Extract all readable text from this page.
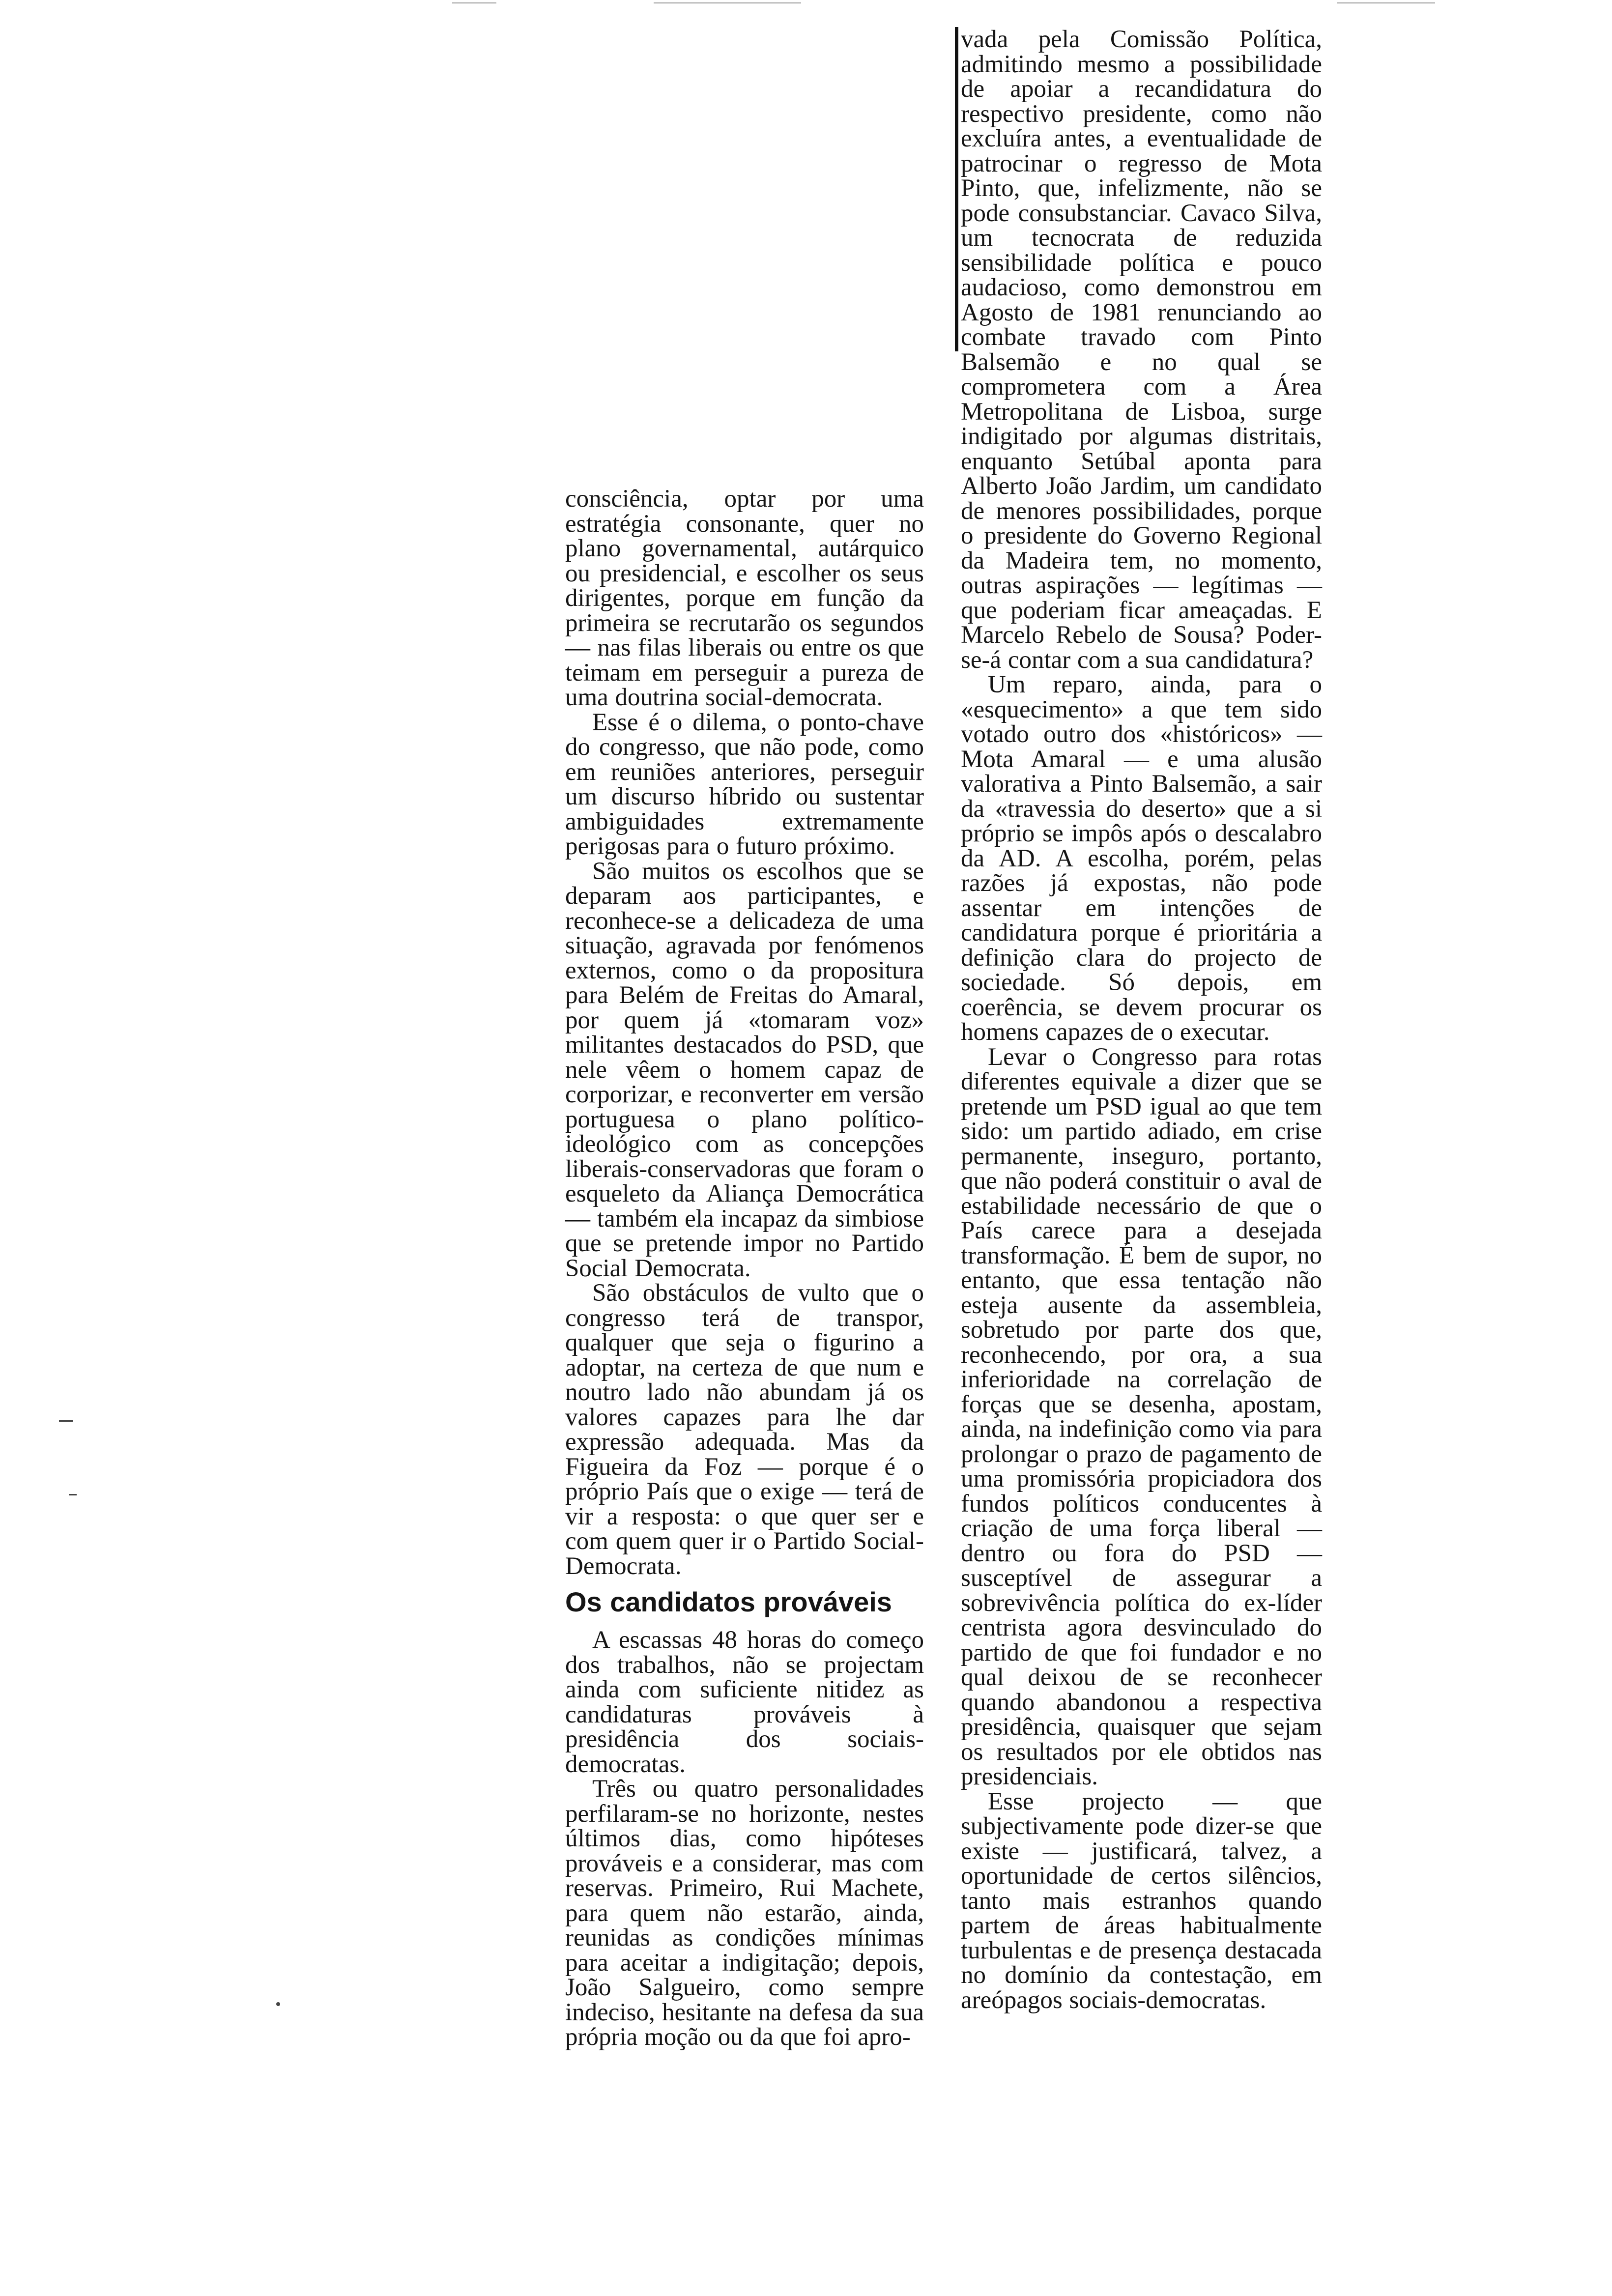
consciência, optar por uma estratégia consonante, quer no plano governamental, autárquico ou presidencial, e escolher os seus dirigentes, porque em função da primeira se recrutarão os segundos — nas filas liberais ou entre os que teimam em perseguir a pureza de uma doutrina social-democrata.

Esse é o dilema, o ponto-chave do congresso, que não pode, como em reuniões anteriores, perseguir um discurso híbrido ou sustentar ambiguidades extremamente perigosas para o futuro próximo.

São muitos os escolhos que se deparam aos participantes, e reconhece-se a delicadeza de uma situação, agravada por fenómenos externos, como o da propositura para Belém de Freitas do Amaral, por quem já «tomaram voz» militantes destacados do PSD, que nele vêem o homem capaz de corporizar, e reconverter em versão portuguesa o plano político-ideológico com as concepções liberais-conservadoras que foram o esqueleto da Aliança Democrática — também ela incapaz da simbiose que se pretende impor no Partido Social Democrata.

São obstáculos de vulto que o congresso terá de transpor, qualquer que seja o figurino a adoptar, na certeza de que num e noutro lado não abundam já os valores capazes para lhe dar expressão adequada. Mas da Figueira da Foz — porque é o próprio País que o exige — terá de vir a resposta: o que quer ser e com quem quer ir o Partido Social-Democrata.

Os candidatos prováveis

A escassas 48 horas do começo dos trabalhos, não se projectam ainda com suficiente nitidez as candidaturas prováveis à presidência dos sociais-democratas.

Três ou quatro personalidades perfilaram-se no horizonte, nestes últimos dias, como hipóteses prováveis e a considerar, mas com reservas. Primeiro, Rui Machete, para quem não estarão, ainda, reunidas as condições mínimas para aceitar a indigitação; depois, João Salgueiro, como sempre indeciso, hesitante na defesa da sua própria moção ou da que foi apro-

vada pela Comissão Política, admitindo mesmo a possibilidade de apoiar a recandidatura do respectivo presidente, como não excluíra antes, a eventualidade de patrocinar o regresso de Mota Pinto, que, infelizmente, não se pode consubstanciar. Cavaco Silva, um tecnocrata de reduzida sensibilidade política e pouco audacioso, como demonstrou em Agosto de 1981 renunciando ao combate travado com Pinto Balsemão e no qual se comprometera com a Área Metropolitana de Lisboa, surge indigitado por algumas distritais, enquanto Setúbal aponta para Alberto João Jardim, um candidato de menores possibilidades, porque o presidente do Governo Regional da Madeira tem, no momento, outras aspirações — legítimas — que poderiam ficar ameaçadas. E Marcelo Rebelo de Sousa? Poder-se-á contar com a sua candidatura?

Um reparo, ainda, para o «esquecimento» a que tem sido votado outro dos «históricos» — Mota Amaral — e uma alusão valorativa a Pinto Balsemão, a sair da «travessia do deserto» que a si próprio se impôs após o descalabro da AD. A escolha, porém, pelas razões já expostas, não pode assentar em intenções de candidatura porque é prioritária a definição clara do projecto de sociedade. Só depois, em coerência, se devem procurar os homens capazes de o executar.

Levar o Congresso para rotas diferentes equivale a dizer que se pretende um PSD igual ao que tem sido: um partido adiado, em crise permanente, inseguro, portanto, que não poderá constituir o aval de estabilidade necessário de que o País carece para a desejada transformação. É bem de supor, no entanto, que essa tentação não esteja ausente da assembleia, sobretudo por parte dos que, reconhecendo, por ora, a sua inferioridade na correlação de forças que se desenha, apostam, ainda, na indefinição como via para prolongar o prazo de pagamento de uma promissória propiciadora dos fundos políticos conducentes à criação de uma força liberal — dentro ou fora do PSD — susceptível de assegurar a sobrevivência política do ex-líder centrista agora desvinculado do partido de que foi fundador e no qual deixou de se reconhecer quando abandonou a respectiva presidência, quaisquer que sejam os resultados por ele obtidos nas presidenciais.

Esse projecto — que subjectivamente pode dizer-se que existe — justificará, talvez, a oportunidade de certos silêncios, tanto mais estranhos quando partem de áreas habitualmente turbulentas e de presença destacada no domínio da contestação, em areópagos sociais-democratas.
